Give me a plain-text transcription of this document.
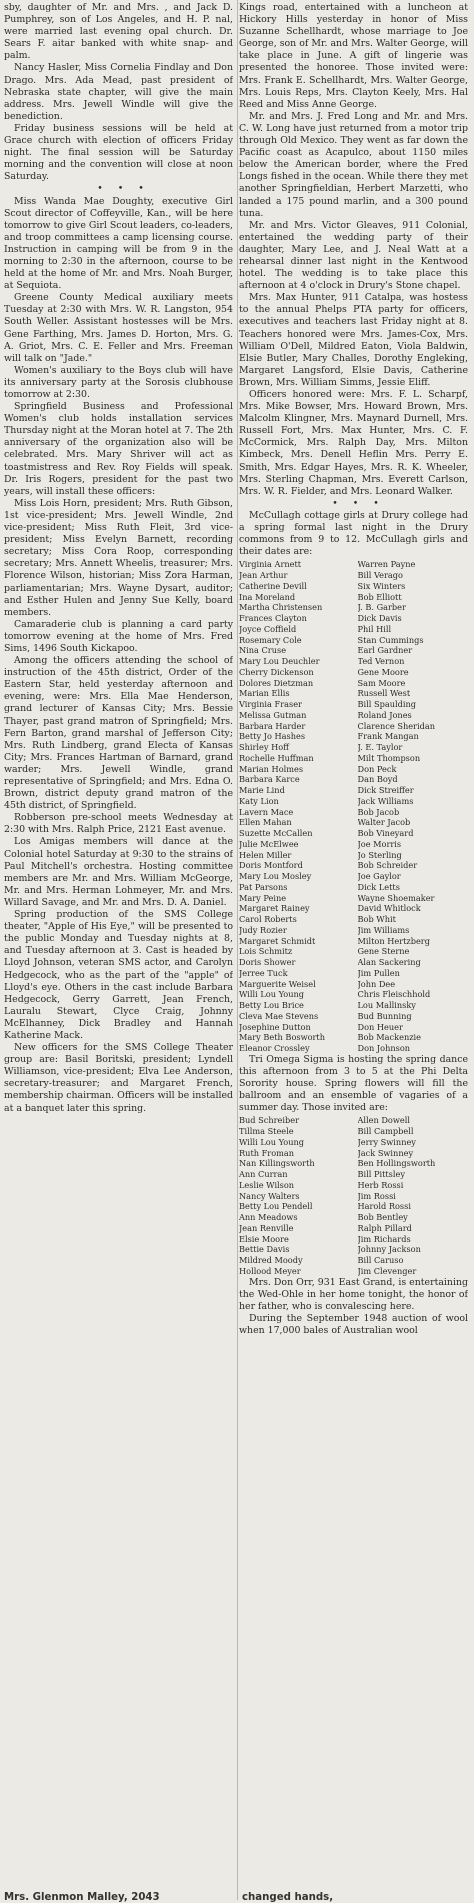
sby, daughter of Mr. and Mrs. , and Jack D. Pumphrey, son of Los Angeles, and H. P. nal, were married last evening opal church. Dr. Sears F. aitar banked with white snap- and palm.

Nancy Hasler, Miss Cornelia Findlay and Don Drago. Mrs. Ada Mead, past president of Nebraska state chapter, will give the main address. Mrs. Jewell Windle will give the benediction.

Friday business sessions will be held at Grace church with election of officers Friday night. The final session will be Saturday morning and the convention will close at noon Saturday.

• • •

Miss Wanda Mae Doughty, executive Girl Scout director of Coffeyville, Kan., will be here tomorrow to give Girl Scout leaders, co-leaders, and troop committees a camp licensing course. Instruction in camping will be from 9 in the morning to 2:30 in the afternoon, course to be held at the home of Mr. and Mrs. Noah Burger, at Sequiota.

Greene County Medical auxiliary meets Tuesday at 2:30 with Mrs. W. R. Langston, 954 South Weller. Assistant hostesses will be Mrs. Gene Farthing, Mrs. James D. Horton, Mrs. G. A. Griot, Mrs. C. E. Feller and Mrs. Freeman will talk on "Jade."

Women's auxiliary to the Boys club will have its anniversary party at the Sorosis clubhouse tomorrow at 2:30.

Springfield Business and Professional Women's club holds installation services Thursday night at the Moran hotel at 7. The 2th anniversary of the organization also will be celebrated. Mrs. Mary Shriver will act as toastmistress and Rev. Roy Fields will speak. Dr. Iris Rogers, president for the past two years, will install these officers:

Miss Lois Horn, president; Mrs. Ruth Gibson, 1st vice-president; Mrs. Jewell Windle, 2nd vice-president; Miss Ruth Fleit, 3rd vice-president; Miss Evelyn Barnett, recording secretary; Miss Cora Roop, corresponding secretary; Mrs. Annett Wheelis, treasurer; Mrs. Florence Wilson, historian; Miss Zora Harman, parliamentarian; Mrs. Wayne Dysart, auditor; and Esther Hulen and Jenny Sue Kelly, board members.

Camaraderie club is planning a card party tomorrow evening at the home of Mrs. Fred Sims, 1496 South Kickapoo.

Among the officers attending the school of instruction of the 45th district, Order of the Eastern Star, held yesterday afternoon and evening, were: Mrs. Ella Mae Henderson, grand lecturer of Kansas City; Mrs. Bessie Thayer, past grand matron of Springfield; Mrs. Fern Barton, grand marshal of Jefferson City; Mrs. Ruth Lindberg, grand Electa of Kansas City; Mrs. Frances Hartman of Barnard, grand warder; Mrs. Jewell Windle, grand representative of Springfield; and Mrs. Edna O. Brown, district deputy grand matron of the 45th district, of Springfield.

Robberson pre-school meets Wednesday at 2:30 with Mrs. Ralph Price, 2121 East avenue.

Los Amigas members will dance at the Colonial hotel Saturday at 9:30 to the strains of Paul Mitchell's orchestra. Hosting committee members are Mr. and Mrs. William McGeorge, Mr. and Mrs. Herman Lohmeyer, Mr. and Mrs. Willard Savage, and Mr. and Mrs. D. A. Daniel.

Spring production of the SMS College theater, "Apple of His Eye," will be presented to the public Monday and Tuesday nights at 8, and Tuesday afternoon at 3. Cast is headed by Lloyd Johnson, veteran SMS actor, and Carolyn Hedgecock, who as the part of the "apple" of Lloyd's eye. Others in the cast include Barbara Hedgecock, Gerry Garrett, Jean French, Lauralu Stewart, Clyce Craig, Johnny McElhanney, Dick Bradley and Hannah Katherine Mack.

New officers for the SMS College Theater group are: Basil Boritski, president; Lyndell Williamson, vice-president; Elva Lee Anderson, secretary-treasurer; and Margaret French, membership chairman. Officers will be installed at a banquet later this spring.

Kings road, entertained with a luncheon at Hickory Hills yesterday in honor of Miss Suzanne Schellhardt, whose marriage to Joe George, son of Mr. and Mrs. Walter George, will take place in June. A gift of lingerie was presented the honoree. Those invited were: Mrs. Frank E. Schellhardt, Mrs. Walter George, Mrs. Louis Reps, Mrs. Clayton Keely, Mrs. Hal Reed and Miss Anne George.

Mr. and Mrs. J. Fred Long and Mr. and Mrs. C. W. Long have just returned from a motor trip through Old Mexico. They went as far down the Pacific coast as Acapulco, about 1150 miles below the American border, where the Fred Longs fished in the ocean. While there they met another Springfieldian, Herbert Marzetti, who landed a 175 pound marlin, and a 300 pound tuna.

Mr. and Mrs. Victor Gleaves, 911 Colonial, entertained the wedding party of their daughter, Mary Lee, and J. Neal Watt at a rehearsal dinner last night in the Kentwood hotel. The wedding is to take place this afternoon at 4 o'clock in Drury's Stone chapel.

Mrs. Max Hunter, 911 Catalpa, was hostess to the annual Phelps PTA party for officers, executives and teachers last Friday night at 8. Teachers honored were Mrs. James-Cox, Mrs. William O'Dell, Mildred Eaton, Viola Baldwin, Elsie Butler, Mary Challes, Dorothy Engleking, Margaret Langsford, Elsie Davis, Catherine Brown, Mrs. William Simms, Jessie Eliff.

Officers honored were: Mrs. F. L. Scharpf, Mrs. Mike Bowser, Mrs. Howard Brown, Mrs. Malcolm Klingner, Mrs. Maynard Durnell, Mrs. Russell Fort, Mrs. Max Hunter, Mrs. C. F. McCormick, Mrs. Ralph Day, Mrs. Milton Kimbeck, Mrs. Denell Heflin Mrs. Perry E. Smith, Mrs. Edgar Hayes, Mrs. R. K. Wheeler, Mrs. Sterling Chapman, Mrs. Everett Carlson, Mrs. W. R. Fielder, and Mrs. Leonard Walker.

• • •

McCullagh cottage girls at Drury college had a spring formal last night in the Drury commons from 9 to 12. McCullagh girls and their dates are:

Virginia Arnett	Warren Payne
Jean Arthur	Bill Verago
Catherine Devill	Six Winters
Ina Moreland	Bob Elliott
Martha Christensen	J. B. Garber
Frances Clayton	Dick Davis
Joyce Coffield	Phil Hill
Rosemary Cole	Stan Cummings
Nina Cruse	Earl Gardner
Mary Lou Deuchler	Ted Vernon
Cherry Dickenson	Gene Moore
Dolores Dietzman	Sam Moore
Marian Ellis	Russell West
Virginia Fraser	Bill Spaulding
Melissa Gutman	Roland Jones
Barbara Harder	Clarence Sheridan
Betty Jo Hashes	Frank Mangan
Shirley Hoff	J. E. Taylor
Rochelle Huffman	Milt Thompson
Marian Holmes	Don Peck
Barbara Karce	Dan Boyd
Marie Lind	Dick Streiffer
Katy Lion	Jack Williams
Lavern Mace	Bob Jacob
Ellen Mahan	Walter Jacob
Suzette McCallen	Bob Vineyard
Julie McElwee	Joe Morris
Helen Miller	Jo Sterling
Doris Montford	Bob Schreider
Mary Lou Mosley	Joe Gaylor
Pat Parsons	Dick Letts
Mary Peine	Wayne Shoemaker
Margaret Rainey	David Whitlock
Carol Roberts	Bob Whit
Judy Rozier	Jim Williams
Margaret Schmidt	Milton Hertzberg
Lois Schmitz	Gene Sterne
Doris Shower	Alan Sackering
Jerree Tuck	Jim Pullen
Marguerite Weisel	John Dee
Willi Lou Young	Chris Fleischhold
Betty Lou Brice	Lou Mallinsky
Cleva Mae Stevens	Bud Bunning
Josephine Dutton	Don Heuer
Mary Beth Bosworth	Bob Mackenzie
Eleanor Crossley	Don Johnson

Tri Omega Sigma is hosting the spring dance this afternoon from 3 to 5 at the Phi Delta Sorority house. Spring flowers will fill the ballroom and an ensemble of vagaries of a summer day. Those invited are:

Bud Schreiber	Allen Dowell
Tillma Steele	Bill Campbell
Willi Lou Young	Jerry Swinney
Ruth Froman	Jack Swinney
Nan Killingsworth	Ben Hollingsworth
Ann Curran	Bill Pittsley
Leslie Wilson	Herb Rossi
Nancy Walters	Jim Rossi
Betty Lou Pendell	Harold Rossi
Ann Meadows	Bob Bentley
Jean Renville	Ralph Pillard
Elsie Moore	Jim Richards
Bettie Davis	Johnny Jackson
Mildred Moody	Bill Caruso
Hollood Meyer	Jim Clevenger

Mrs. Don Orr, 931 East Grand, is entertaining the Wed-Ohle in her home tonight, the honor of her father, who is convalescing here.

During the September 1948 auction of wool when 17,000 bales of Australian wool

Mrs. Glenmon Malley, 2043	changed hands,
